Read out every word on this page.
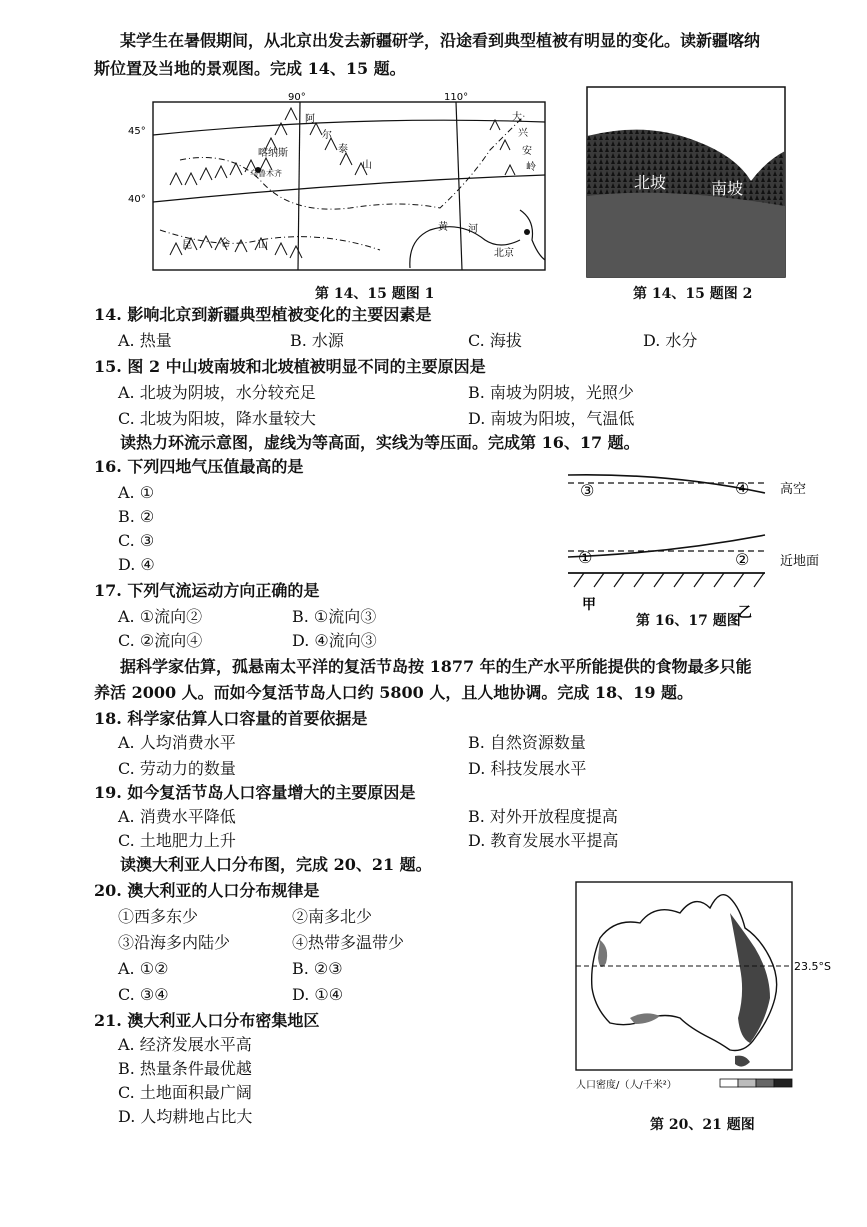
某学生在暑假期间，从北京出发去新疆研学，沿途看到典型植被有明显的变化。读新疆喀纳
斯位置及当地的景观图。完成 14、15 题。
90°	110°
45°
40°
阿
尔
泰
山
喀纳斯
乌鲁木齐
大
兴
安
岭
昆	仑	山
黄 河
北京
第 14、15 题图 1
北坡	南坡
第 14、15 题图 2
14. 影响北京到新疆典型植被变化的主要因素是
A. 热量	B. 水源	C. 海拔	D. 水分
15. 图 2 中山坡南坡和北坡植被明显不同的主要原因是
A. 北坡为阴坡，水分较充足	B. 南坡为阴坡，光照少
C. 北坡为阳坡，降水量较大	D. 南坡为阳坡，气温低
读热力环流示意图，虚线为等高面，实线为等压面。完成第 16、17 题。
16. 下列四地气压值最高的是
A. ①
B. ②
C. ③
D. ④
③	④
①	②
高空
近地面
甲	乙
第 16、17 题图
17. 下列气流运动方向正确的是
A. ①流向②	B. ①流向③
C. ②流向④	D. ④流向③
据科学家估算，孤悬南太平洋的复活节岛按 1877 年的生产水平所能提供的食物最多只能
养活 2000 人。而如今复活节岛人口约 5800 人，且人地协调。完成 18、19 题。
18. 科学家估算人口容量的首要依据是
A. 人均消费水平	B. 自然资源数量
C. 劳动力的数量	D. 科技发展水平
19. 如今复活节岛人口容量增大的主要原因是
A. 消费水平降低	B. 对外开放程度提高
C. 土地肥力上升	D. 教育发展水平提高
读澳大利亚人口分布图，完成 20、21 题。
20. 澳大利亚的人口分布规律是
①西多东少	②南多北少
③沿海多内陆少	④热带多温带少
A. ①②	B. ②③
C. ③④	D. ①④
21. 澳大利亚人口分布密集地区
A. 经济发展水平高
B. 热量条件最优越
C. 土地面积最广阔
D. 人均耕地占比大
23.5°S
人口密度/（人/千米²）
第 20、21 题图
